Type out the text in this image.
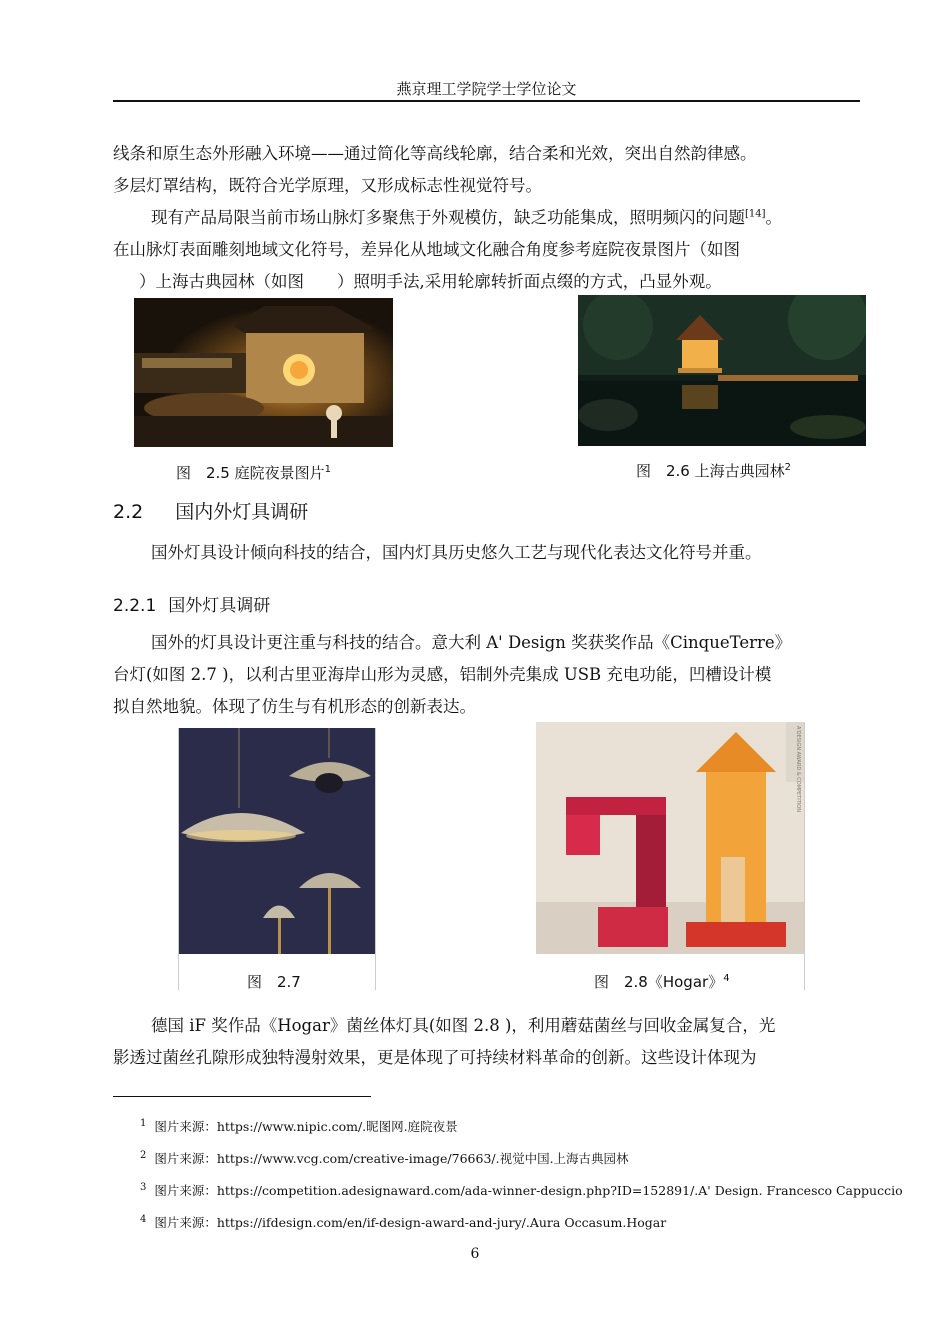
燕京理工学院学士学位论文
线条和原生态外形融入环境——通过简化等高线轮廓，结合柔和光效，突出自然韵律感。
多层灯罩结构，既符合光学原理，又形成标志性视觉符号。
现有产品局限当前市场山脉灯多聚焦于外观模仿，缺乏功能集成，照明频闪的问题[14]。
在山脉灯表面雕刻地域文化符号，差异化从地域文化融合角度参考庭院夜景图片（如图
）上海古典园林（如图　　）照明手法,采用轮廓转折面点缀的方式，凸显外观。
图　2.5 庭院夜景图片$^1$	图　2.6 上海古典园林$^2$
2.2 国内外灯具调研
国外灯具设计倾向科技的结合，国内灯具历史悠久工艺与现代化表达文化符号并重。
2.2.1 国外灯具调研
国外的灯具设计更注重与科技的结合。意大利 A' Design 奖获奖作品《CinqueTerre》
台灯(如图 2.7 )，以利古里亚海岸山形为灵感，铝制外壳集成 USB 充电功能，凹槽设计模
拟自然地貌。体现了仿生与有机形态的创新表达。
A'DESIGN AWARD & COMPETITION
图　2.7	图　2.8《Hogar》$^4$
德国 iF 奖作品《Hogar》菌丝体灯具(如图 2.8 )，利用蘑菇菌丝与回收金属复合，光
影透过菌丝孔隙形成独特漫射效果，更是体现了可持续材料革命的创新。这些设计体现为
$^1$ 图片来源：https://www.nipic.com/.昵图网.庭院夜景
$^2$ 图片来源：https://www.vcg.com/creative-image/76663/.视觉中国.上海古典园林
$^3$ 图片来源：https://competition.adesignaward.com/ada-winner-design.php?ID=152891/.A' Design. Francesco Cappuccio
$^4$ 图片来源：https://ifdesign.com/en/if-design-award-and-jury/.Aura Occasum.Hogar
6
